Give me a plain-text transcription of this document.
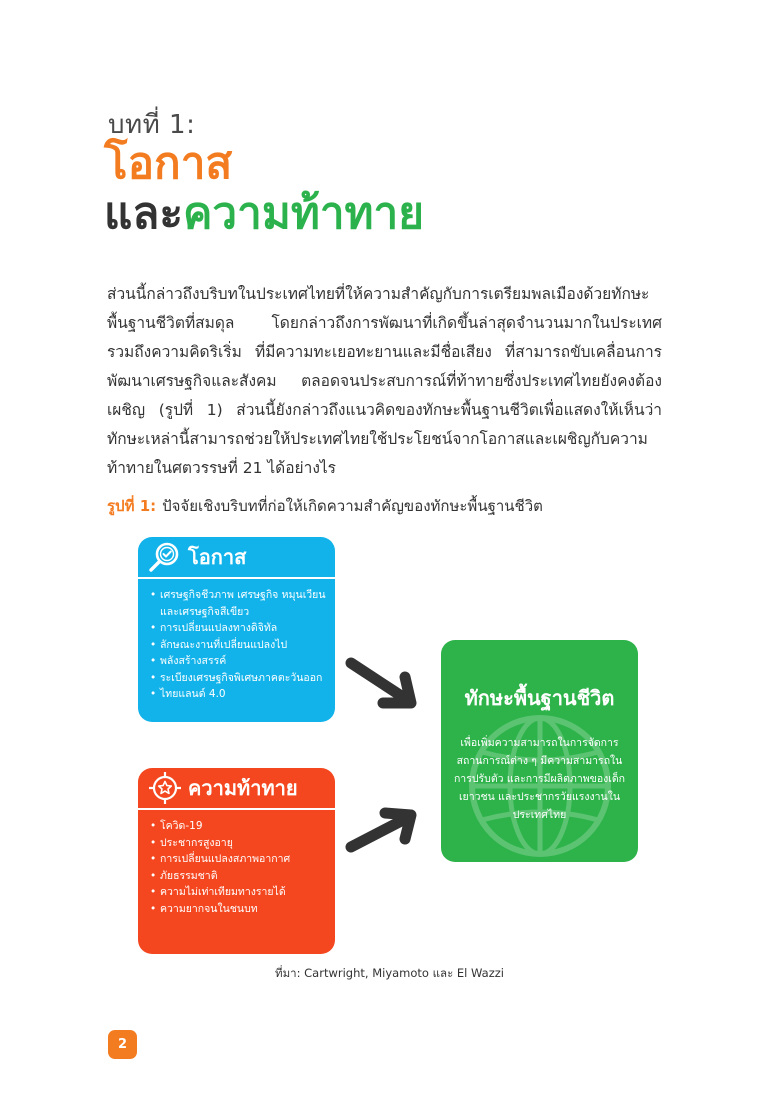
บทที่ 1:
โอกาส
และความท้าทาย
ส่วนนี้กล่าวถึงบริบทในประเทศไทยที่ให้ความสำคัญกับการเตรียมพลเมืองด้วยทักษะพื้นฐานชีวิตที่สมดุล โดยกล่าวถึงการพัฒนาที่เกิดขึ้นล่าสุดจำนวนมากในประเทศ รวมถึงความคิดริเริ่ม ที่มีความทะเยอทะยานและมีชื่อเสียง ที่สามารถขับเคลื่อนการพัฒนาเศรษฐกิจและสังคม ตลอดจนประสบการณ์ที่ท้าทายซึ่งประเทศไทยยังคงต้องเผชิญ (รูปที่ 1) ส่วนนี้ยังกล่าวถึงแนวคิดของทักษะพื้นฐานชีวิตเพื่อแสดงให้เห็นว่าทักษะเหล่านี้สามารถช่วยให้ประเทศไทยใช้ประโยชน์จากโอกาสและเผชิญกับความท้าทายในศตวรรษที่ 21 ได้อย่างไร
รูปที่ 1: ปัจจัยเชิงบริบทที่ก่อให้เกิดความสำคัญของทักษะพื้นฐานชีวิต
โอกาส
• เศรษฐกิจชีวภาพ เศรษฐกิจ หมุนเวียน และเศรษฐกิจสีเขียว
• การเปลี่ยนแปลงทางดิจิทัล
• ลักษณะงานที่เปลี่ยนแปลงไป
• พลังสร้างสรรค์
• ระเบียงเศรษฐกิจพิเศษภาคตะวันออก
• ไทยแลนด์ 4.0
ความท้าทาย
• โควิด-19
• ประชากรสูงอายุ
• การเปลี่ยนแปลงสภาพอากาศ
• ภัยธรรมชาติ
• ความไม่เท่าเทียมทางรายได้
• ความยากจนในชนบท
ทักษะพื้นฐานชีวิต
เพื่อเพิ่มความสามารถในการจัดการสถานการณ์ต่าง ๆ มีความสามารถในการปรับตัว และการมีผลิตภาพของเด็ก เยาวชน และประชากรวัยแรงงานในประเทศไทย
ที่มา: Cartwright, Miyamoto และ El Wazzi
2
